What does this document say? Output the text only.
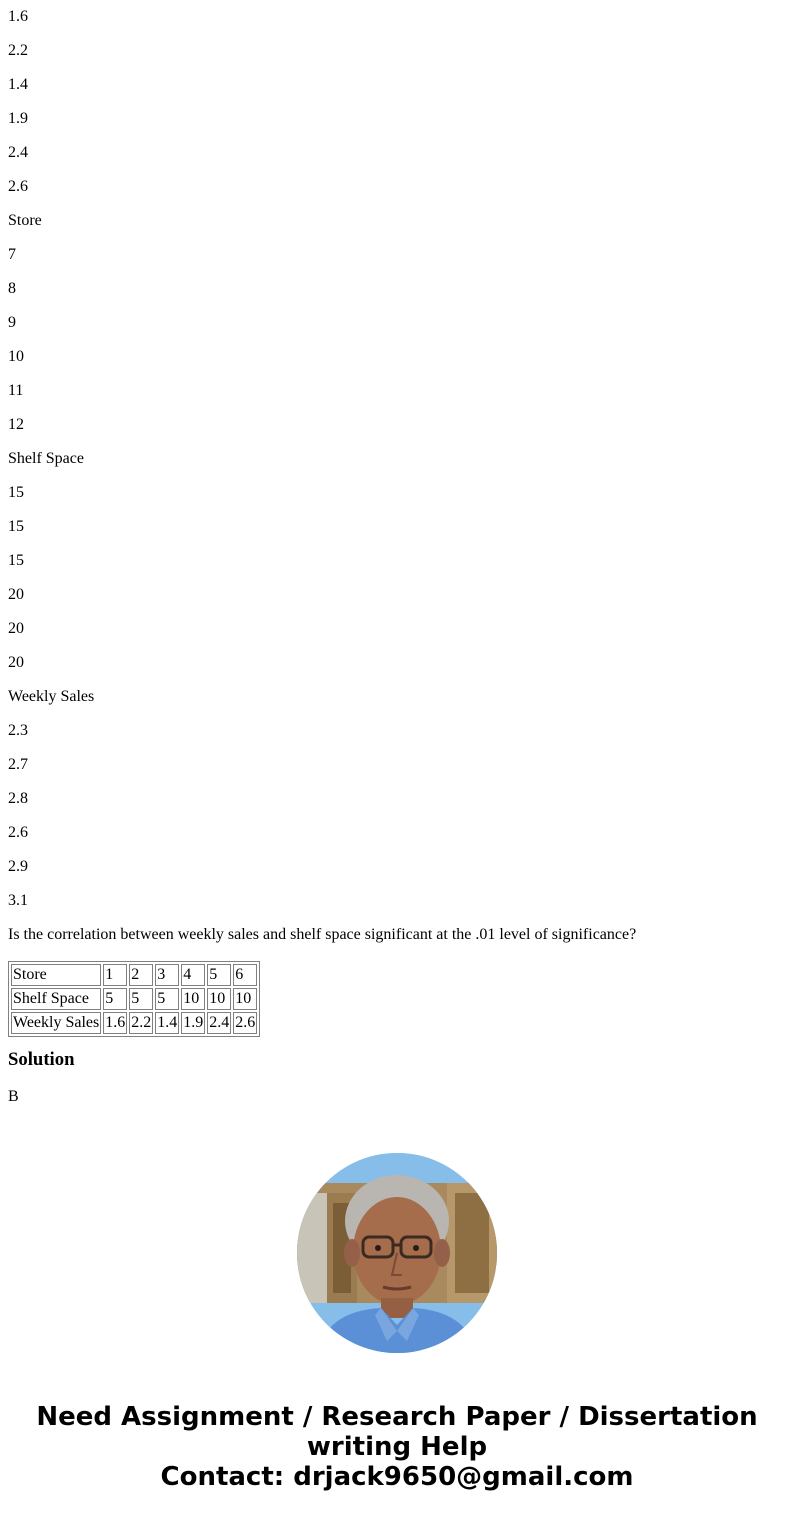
1.6

2.2

1.4

1.9

2.4

2.6

Store

7

8

9

10

11

12

Shelf Space

15

15

15

20

20

20

Weekly Sales

2.3

2.7

2.8

2.6

2.9

3.1

Is the correlation between weekly sales and shelf space significant at the .01 level of significance?

Store	1	2	3	4	5	6
Shelf Space	5	5	5	10	10	10
Weekly Sales	1.6	2.2	1.4	1.9	2.4	2.6
Solution

B

Need Assignment / Research Paper / Dissertation
writing Help
Contact: drjack9650@gmail.com
